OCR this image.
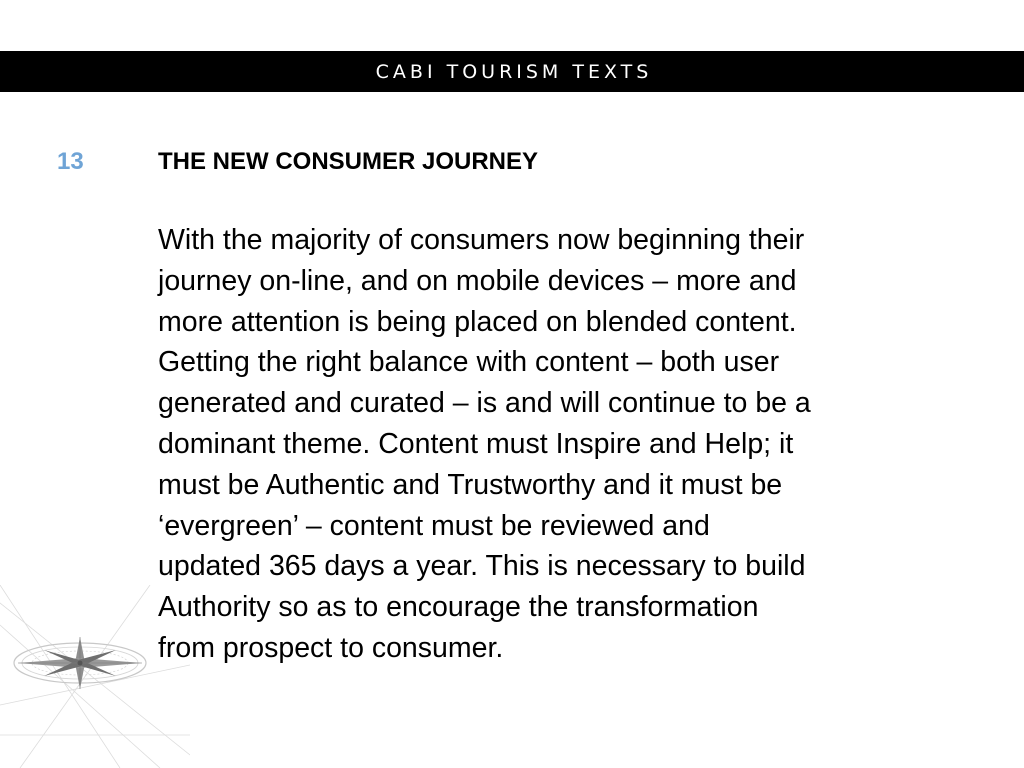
CABI TOURISM TEXTS
13	THE NEW CONSUMER JOURNEY

With the majority of consumers now beginning their
journey on-line, and on mobile devices – more and
more attention is being placed on blended content.
Getting the right balance with content – both user
generated and curated – is and will continue to be a
dominant theme. Content must Inspire and Help; it
must be Authentic and Trustworthy and it must be
‘evergreen’ – content must be reviewed and
updated 365 days a year. This is necessary to build
Authority so as to encourage the transformation
from prospect to consumer.
